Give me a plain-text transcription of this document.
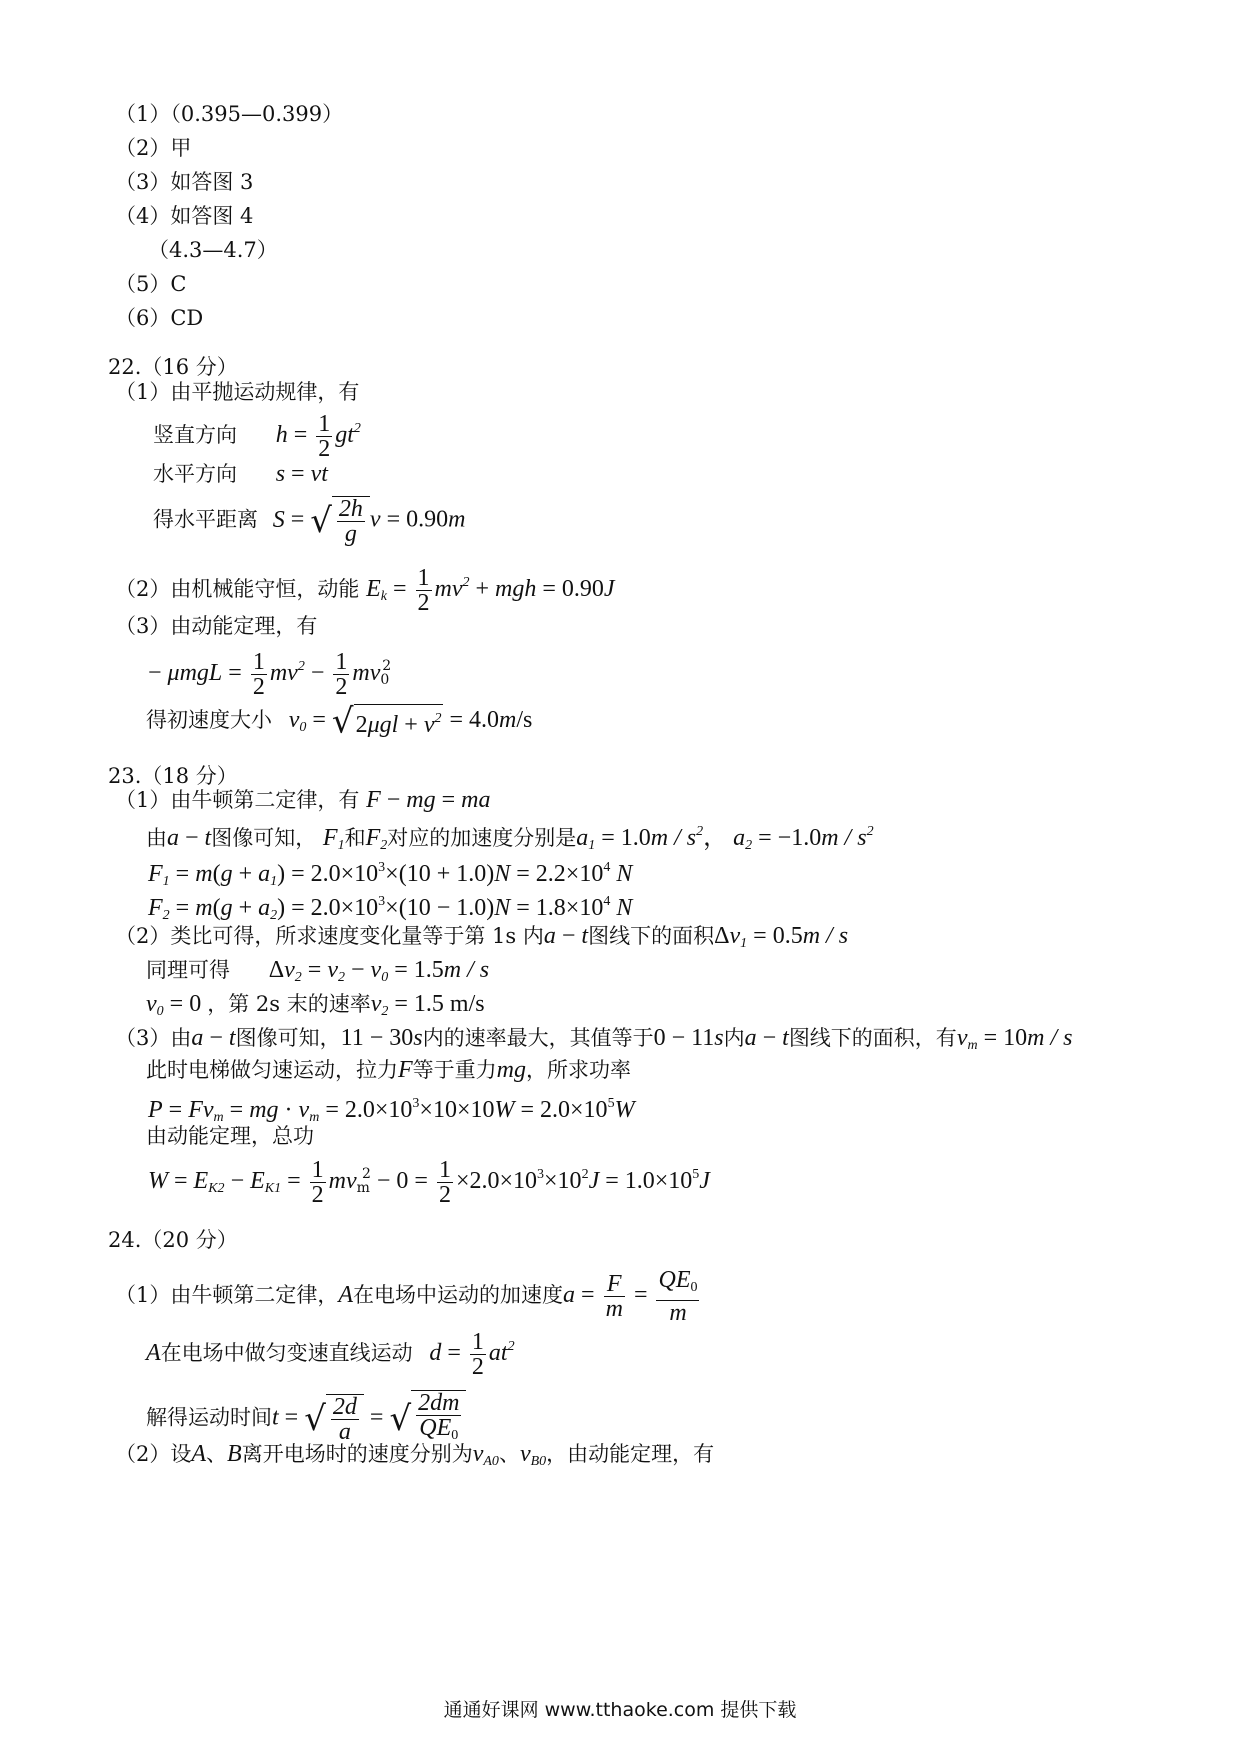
（1）（0.395—0.399）
（2）甲
（3）如答图 3
（4）如答图 4
（4.3—4.7）
（5）C
（6）CD
22.（16 分）
（1）由平抛运动规律，有
竖直方向 $h = \frac{1}{2} gt^2$
水平方向 s = vt
得水平距离 S = √ $\frac{2h}{g}$ v = 0.90m
（2）由机械能守恒，动能 $E_k = \frac{1}{2} mv^2$ + mgh = 0.90J
（3）由动能定理，有
− $\mu mgL = \frac{1}{2} mv^2 - \frac{1}{2} mv_0^2$
得初速度大小 $v_0 = √2\mu gl + v^2 = 4.0m/s$
23.（18 分）
（1）由牛顿第二定律，有 F − mg = ma
由a − t图像可知， $F_1$和$F_2$对应的加速度分别是$a_1 = 1.0m / s^2$， $a_2 = -1.0m / s^2$
$F_1 = m(g + a_1) = 2.0\times 10^3\times(10 + 1.0)N = 2.2\times 10^4$ N
$F_2 = m(g + a_2) = 2.0\times 10^3\times(10 - 1.0)N = 1.8\times 10^4$ N
（2）类比可得，所求速度变化量等于第 1s 内a − t图线下的面积$\Delta v_1 = 0.5m / s$
同理可得 $\Delta v_2 = v_2 - v_0 = 1.5m / s$
$v_0 = 0$ ，第 2s 末的速率$v_2 = 1.5$ m/s
（3）由a − t图像可知，11 − 30s内的速率最大，其值等于0 − 11s内a − t图线下的面积，有$v_m = 10m / s$
此时电梯做匀速运动，拉力F等于重力mg，所求功率
$P = Fv_m$ = mg · $v_m = 2.0\times 10^3\times 10\times 10W = 2.0\times 10^5W$
由动能定理，总功
$W = E_{K2} - E_{K1} = \frac{1}{2} mv_m^2 - 0 = \frac{1}{2} \times 2.0\times 10^3\times 10^2J = 1.0\times 10^5J$
24.（20 分）
（1）由牛顿第二定律，A在电场中运动的加速度$a = \frac{F}{m} = \frac{QE_0}{m}$
A在电场中做匀变速直线运动 $d = \frac{1}{2} at^2$
解得运动时间t = √ $\frac{2d}{a}$ = √ $\frac{2dm}{QE_0}$
（2）设A、B离开电场时的速度分别为$v_{A0}$、$v_{B0}$，由动能定理，有
通通好课网 www.tthaoke.com 提供下载
